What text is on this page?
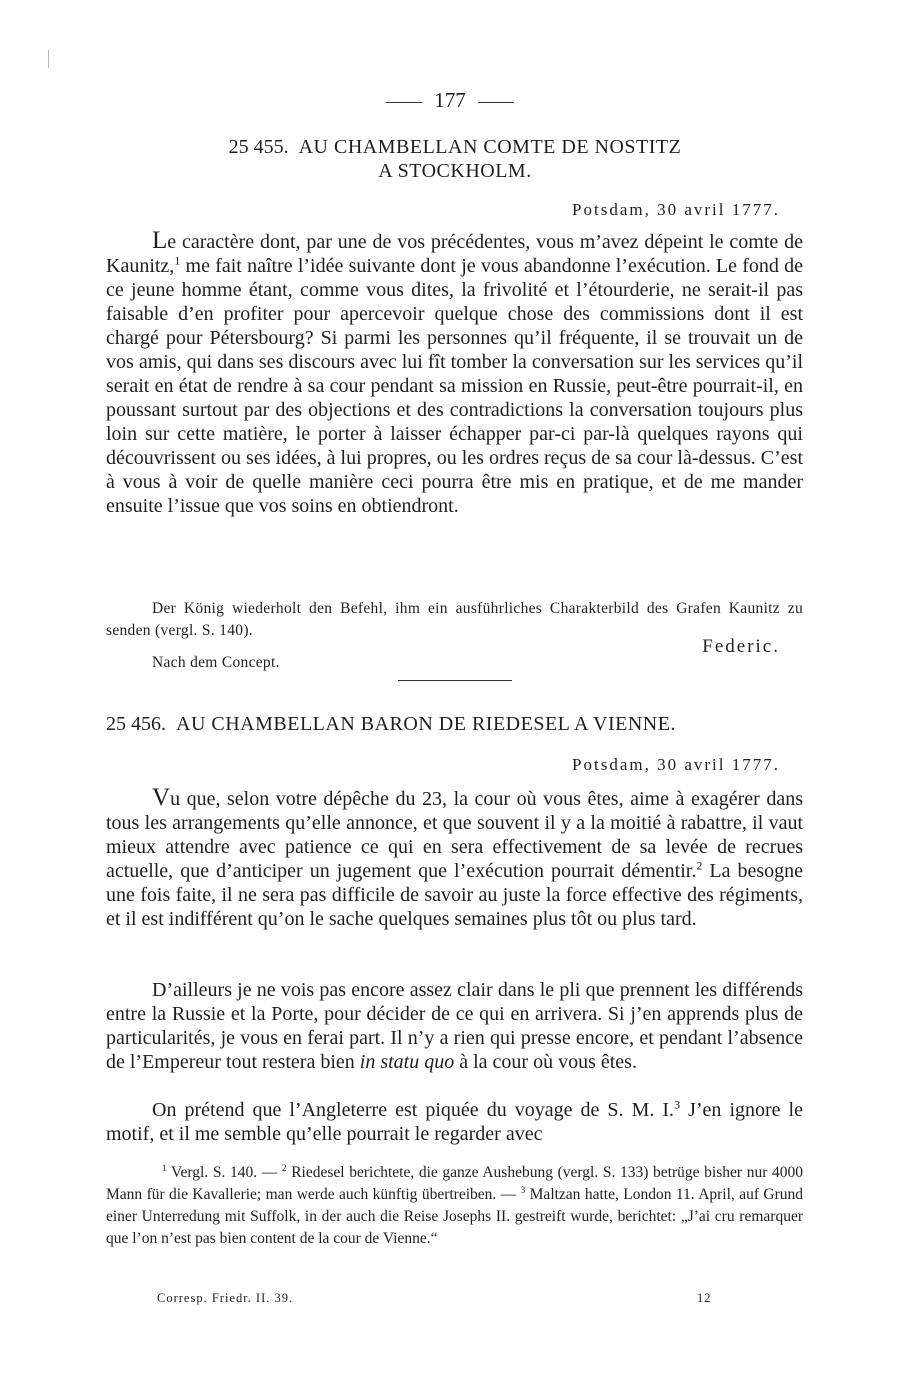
177
25 455. AU CHAMBELLAN COMTE DE NOSTITZ
A STOCKHOLM.
Potsdam, 30 avril 1777.

Le caractère dont, par une de vos précédentes, vous m’avez dépeint le comte de Kaunitz,$^1$ me fait naître l’idée suivante dont je vous abandonne l’exécution. Le fond de ce jeune homme étant, comme vous dites, la frivolité et l’étourderie, ne serait-il pas faisable d’en profiter pour apercevoir quelque chose des commissions dont il est chargé pour Pétersbourg? Si parmi les personnes qu’il fréquente, il se trouvait un de vos amis, qui dans ses discours avec lui fît tomber la conversation sur les services qu’il serait en état de rendre à sa cour pendant sa mission en Russie, peut-être pourrait-il, en poussant surtout par des objections et des contradictions la conversation toujours plus loin sur cette matière, le porter à laisser échapper par-ci par-là quelques rayons qui découvrissent ou ses idées, à lui propres, ou les ordres reçus de sa cour là-dessus. C’est à vous à voir de quelle manière ceci pourra être mis en pratique, et de me mander ensuite l’issue que vos soins en obtiendront.

Der König wiederholt den Befehl, ihm ein ausführliches Charakterbild des Grafen Kaunitz zu senden (vergl. S. 140).

Federic.

Nach dem Concept.

25 456. AU CHAMBELLAN BARON DE RIEDESEL A VIENNE.
Potsdam, 30 avril 1777.

Vu que, selon votre dépêche du 23, la cour où vous êtes, aime à exagérer dans tous les arrangements qu’elle annonce, et que souvent il y a la moitié à rabattre, il vaut mieux attendre avec patience ce qui en sera effectivement de sa levée de recrues actuelle, que d’anticiper un jugement que l’exécution pourrait démentir.$^2$ La besogne une fois faite, il ne sera pas difficile de savoir au juste la force effective des régiments, et il est indifférent qu’on le sache quelques semaines plus tôt ou plus tard.

D’ailleurs je ne vois pas encore assez clair dans le pli que prennent les différends entre la Russie et la Porte, pour décider de ce qui en arrivera. Si j’en apprends plus de particularités, je vous en ferai part. Il n’y a rien qui presse encore, et pendant l’absence de l’Empereur tout restera bien in statu quo à la cour où vous êtes.

On prétend que l’Angleterre est piquée du voyage de S. M. I.$^3$ J’en ignore le motif, et il me semble qu’elle pourrait le regarder avec

$^1$ Vergl. S. 140. — $^2$ Riedesel berichtete, die ganze Aushebung (vergl. S. 133) betrüge bisher nur 4000 Mann für die Kavallerie; man werde auch künftig übertreiben. — $^3$ Maltzan hatte, London 11. April, auf Grund einer Unterredung mit Suffolk, in der auch die Reise Josephs II. gestreift wurde, berichtet: „J’ai cru remarquer que l’on n’est pas bien content de la cour de Vienne.“

Corresp. Friedr. II. 39.	12
